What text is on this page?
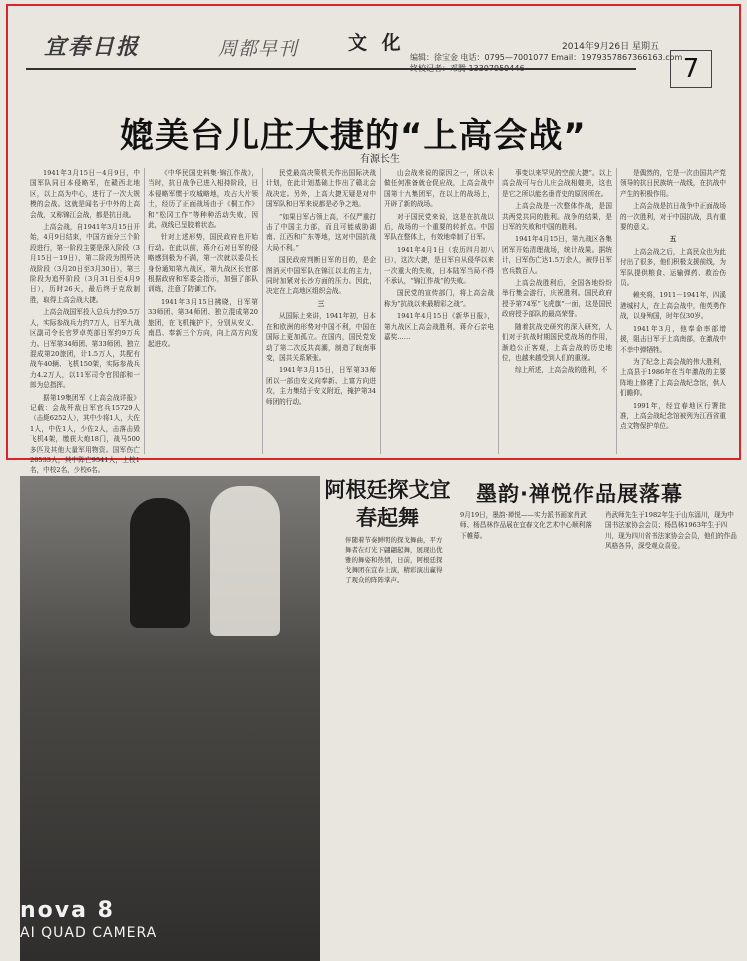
宜春日报	周都早刊	文 化	2014年9月26日 星期五
7
编辑：徐宝金 电话：0795—7001077 Email：1979357867366163.com

媲美台儿庄大捷的“上高会战”
有源长生

1941年3月15日－4月9日，中国军队同日本侵略军，在赣西北地区，以上高为中心，进行了一次大规模的会战。这就是闻名于中外的上高会战，又称锦江会战，都是抗日战。

上高会战，自1941年3月15日开始，4月9日结束，中国方面分三个阶段进行，第一阶段主要是深入阶段（3月15日－19日），第二阶段为围歼决战阶段（3月20日至3月30日），第三阶段为追歼阶段（3月31日至4月9日），历时26天，最后终于克敌制胜，取得上高会战大捷。

上高会战国军投入总兵力约9.5万人，实际参战兵力约7万人，日军九战区副司令长官罗卓英部日军约9万兵力。日军第34师团、第33师团、独立混成第20旅团，计1.5万人，共配有战车40辆、飞机150架，实际参战兵力4.2万人，以11军司令官园部和一郎为总指挥。

据第19集团军《上高会战详报》记载：会战歼敌日军官兵15729人（击毙6252人），其中少将1人，大佐1人，中佐1人，少佐2人，击落击毁飞机4架，缴获大炮18门，战马500多匹及其他大量军用物资。国军伤亡20533人，其中阵亡9541人，上校1名，中校2名，少校6名。

《中华民国史料集·锦江作战》，当时，抗日战争已进入相持阶段，日本侵略军惯于攻城略地，攻占大片领土，经历了正面战场由于《桐工作》和“松冈工作”等种种活动失败，因此，战线已呈胶着状态。

针对上述形势，国民政府也开始行动。在此以前，蒋介石对日军的侵略感到极为不满，第一次就以委员长身份通知第九战区，第九战区长官部根据政府和军委会指示，加强了部队训练，注意了防御工作。

1941年3月15日拂晓，日军第33师团、第34师团、独立混成第20旅团，在飞机掩护下，分别从安义、南昌、奉新三个方向，向上高方向发起进攻。

民党最高决策机关作出国际决战计划，在此计划基础上作出了赣北会战决定。另外，上高大捷无疑是对中国军队和日军来说都是必争之地。

“如果日军占领上高，不仅严重打击了中国主力部，而且可能威胁湖南、江西和广东等地，这对中国抗战大局不利。”

国民政府判断日军的目的，是企图消灭中国军队在锦江以北的主力，同时加紧对长沙方面的压力。因此，决定在上高地区组织会战。

三

从国际上来讲，1941年初，日本在和欧洲的形势对中国不利，中国在国际上更加孤立。在国内，国民党发动了第二次反共高潮，制造了皖南事变，国共关系紧张。

1941年3月15日，日军第33师团以一部由安义向奉新、上富方向进攻，主力集结于安义附近，掩护第34师团的行动。

山会战来说的原因之一，所以未做任何准备就仓促应战，上高会战中国第十九集团军，在以上的战场上，开辟了新的战场。

对于国民党来说，这是在抗战以后，战场的一个重要的转折点。中国军队在整体上，有效地牵制了日军。

1941年4月1日（农历四月初八日），这次大捷，是日军自从侵华以来一次重大的失败，日本陆军当局不得不承认，“锦江作战”的失败。

国民党的宣传部门，将上高会战称为“抗战以来最精彩之战”。

1941年4月15日《新华日报》，第九战区上高会战胜利，蒋介石亲电嘉奖……

事变以来罕见的空前大捷”。以上高会战可与台儿庄会战相媲美，这也是它之所以能名垂青史的原因所在。

上高会战是一次整体作战，是国共两党共同的胜利。战争的结果，是日军的失败和中国的胜利。

1941年4月15日，第九战区各集团军开始清理战场，统计战果。据统计，日军伤亡达1.5万余人，被俘日军官兵数百人。

上高会战胜利后，全国各地纷纷举行集会游行，庆祝胜利。国民政府授予第74军“飞虎旗”一面，这是国民政府授予部队的最高荣誉。

随着抗战史研究的深入研究，人们对于抗战时期国民党战场的作用，渐趋公正客观，上高会战的历史地位，也越来越受到人们的重视。

综上所述，上高会战的胜利，不

是偶然的，它是一次由国共产党领导的抗日民族统一战线，在抗战中产生的积极作用。

上高会战是抗日战争中正面战场的一次胜利，对于中国抗战，具有重要的意义。

五

上高会战之后，上高民众也为此付出了很多，他们积极支援前线，为军队提供粮食、运输弹药、救治伤员。

赖夹将，1911－1941年，四溪港城村人，在上高会战中，他英勇作战，以身殉国，时年仅30岁。

1941年3月，他奉命率部增援，阻击日军于上高南部，在激战中不幸中弹牺牲。

为了纪念上高会战的伟大胜利，上高县于1986年在当年激战的主要阵地上修建了上高会战纪念馆，供人们瞻仰。

1991年，经宜春地区行署批准，上高会战纪念馆被列为江西省重点文物保护单位。

阿根廷探戈宜春起舞
伴随着节奏鲜明的探戈舞曲，平方舞者在灯光下翩翩起舞，展现出优雅的舞姿和热情，日前，阿根廷探戈舞团在宜春上演，精彩演出赢得了观众的阵阵掌声。
墨韵·禅悦作品展落幕
9月19日，墨韵·禅悦——实力派书画家肖武师、杨昌林作品展在宜春文化艺术中心顺利落下帷幕。
肖武师先生于1982年生于山东淄川，现为中国书法家协会会员；杨昌林1963年生于四川，现为四川省书法家协会会员，他们的作品风格各异，深受观众喜爱。
nova 8
AI QUAD CAMERA
